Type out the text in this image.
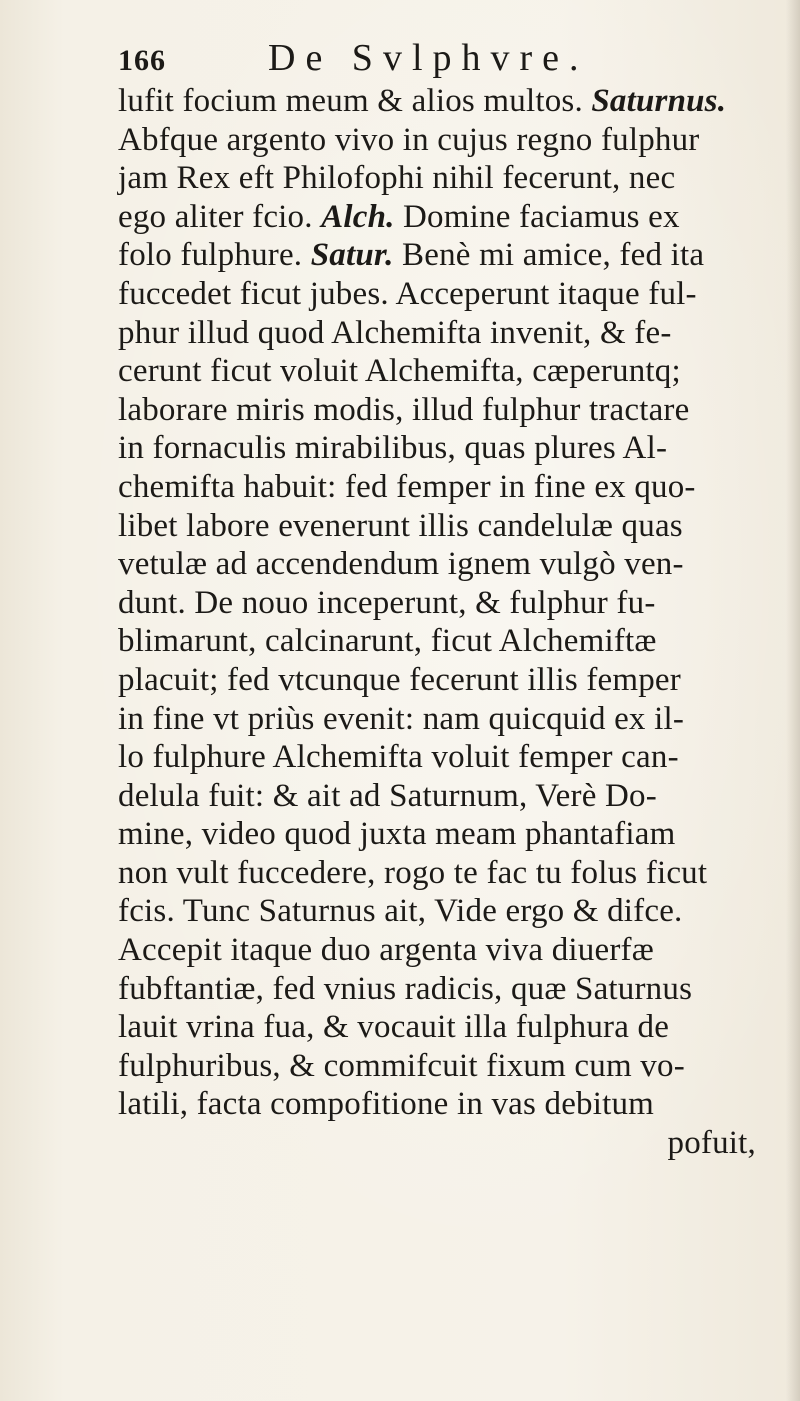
166	De Svlphvre.
lufit focium meum & alios multos. Saturnus.
Abfque argento vivo in cujus regno fulphur
jam Rex eft Philofophi nihil fecerunt, nec
ego aliter fcio. Alch. Domine faciamus ex
folo fulphure. Satur. Benè mi amice, fed ita
fuccedet ficut jubes. Acceperunt itaque ful-
phur illud quod Alchemifta invenit, & fe-
cerunt ficut voluit Alchemifta, cæperuntq;
laborare miris modis, illud fulphur tractare
in fornaculis mirabilibus, quas plures Al-
chemifta habuit: fed femper in fine ex quo-
libet labore evenerunt illis candelulæ quas
vetulæ ad accendendum ignem vulgò ven-
dunt. De nouo inceperunt, & fulphur fu-
blimarunt, calcinarunt, ficut Alchemiftæ
placuit; fed vtcunque fecerunt illis femper
in fine vt priùs evenit: nam quicquid ex il-
lo fulphure Alchemifta voluit femper can-
delula fuit: & ait ad Saturnum, Verè Do-
mine, video quod juxta meam phantafiam
non vult fuccedere, rogo te fac tu folus ficut
fcis. Tunc Saturnus ait, Vide ergo & difce.
Accepit itaque duo argenta viva diuerfæ
fubftantiæ, fed vnius radicis, quæ Saturnus
lauit vrina fua, & vocauit illa fulphura de
fulphuribus, & commifcuit fixum cum vo-
latili, facta compofitione in vas debitum
pofuit,
